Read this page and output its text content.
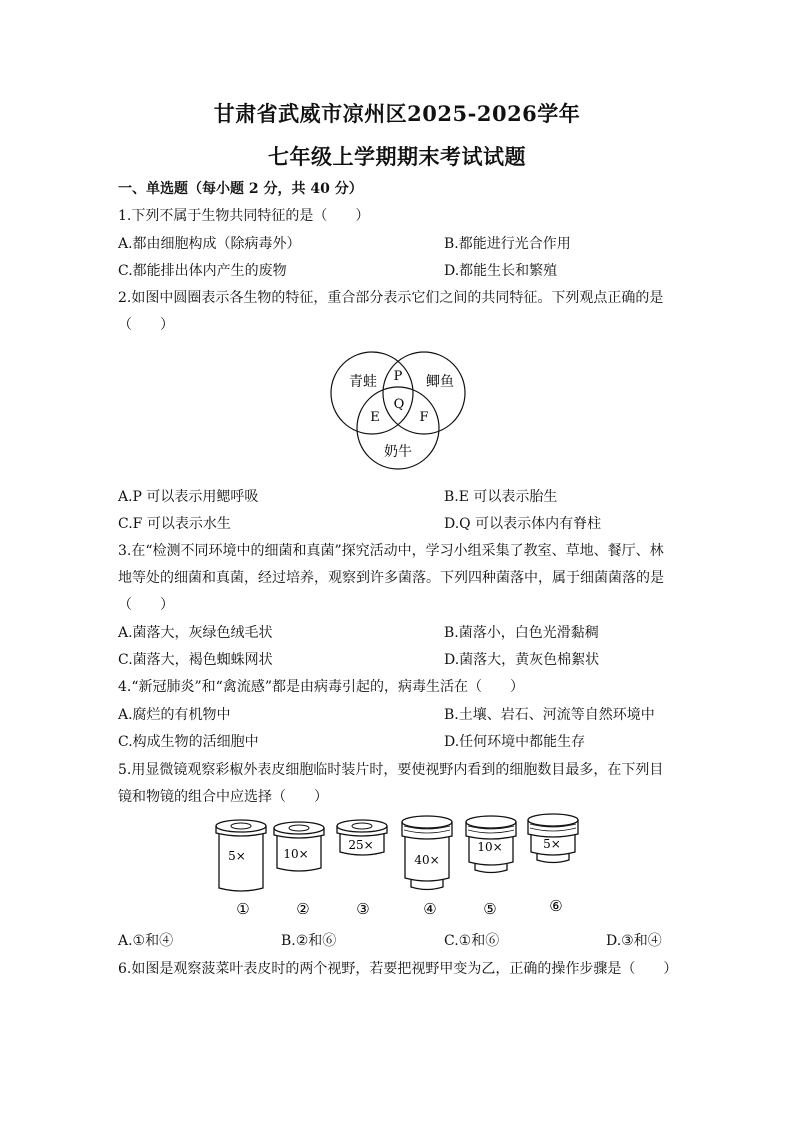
甘肃省武威市凉州区2025-2026学年
七年级上学期期末考试试题
一、单选题（每小题 2 分，共 40 分）
1.下列不属于生物共同特征的是（　　）
A.都由细胞构成（除病毒外）	B.都能进行光合作用
C.都能排出体内产生的废物	D.都能生长和繁殖
2.如图中圆圈表示各生物的特征，重合部分表示它们之间的共同特征。下列观点正确的是
（　　）
青蛙	鲫鱼
奶牛
P
Q
E	F
A.P 可以表示用鳃呼吸	B.E 可以表示胎生
C.F 可以表示水生	D.Q 可以表示体内有脊柱
3.在“检测不同环境中的细菌和真菌”探究活动中，学习小组采集了教室、草地、餐厅、林
地等处的细菌和真菌，经过培养，观察到许多菌落。下列四种菌落中，属于细菌菌落的是
（　　）
A.菌落大，灰绿色绒毛状	B.菌落小，白色光滑黏稠
C.菌落大，褐色蜘蛛网状	D.菌落大，黄灰色棉絮状
4.“新冠肺炎”和“禽流感”都是由病毒引起的，病毒生活在（　　）
A.腐烂的有机物中	B.土壤、岩石、河流等自然环境中
C.构成生物的活细胞中	D.任何环境中都能生存
5.用显微镜观察彩椒外表皮细胞临时装片时，要使视野内看到的细胞数目最多，在下列目
镜和物镜的组合中应选择（　　）
5×	10×
25×
40×
10×	5×
①	②	③	④	⑤	⑥
A.①和④	B.②和⑥	C.①和⑥	D.③和④
6.如图是观察菠菜叶表皮时的两个视野，若要把视野甲变为乙，正确的操作步骤是（　　）
